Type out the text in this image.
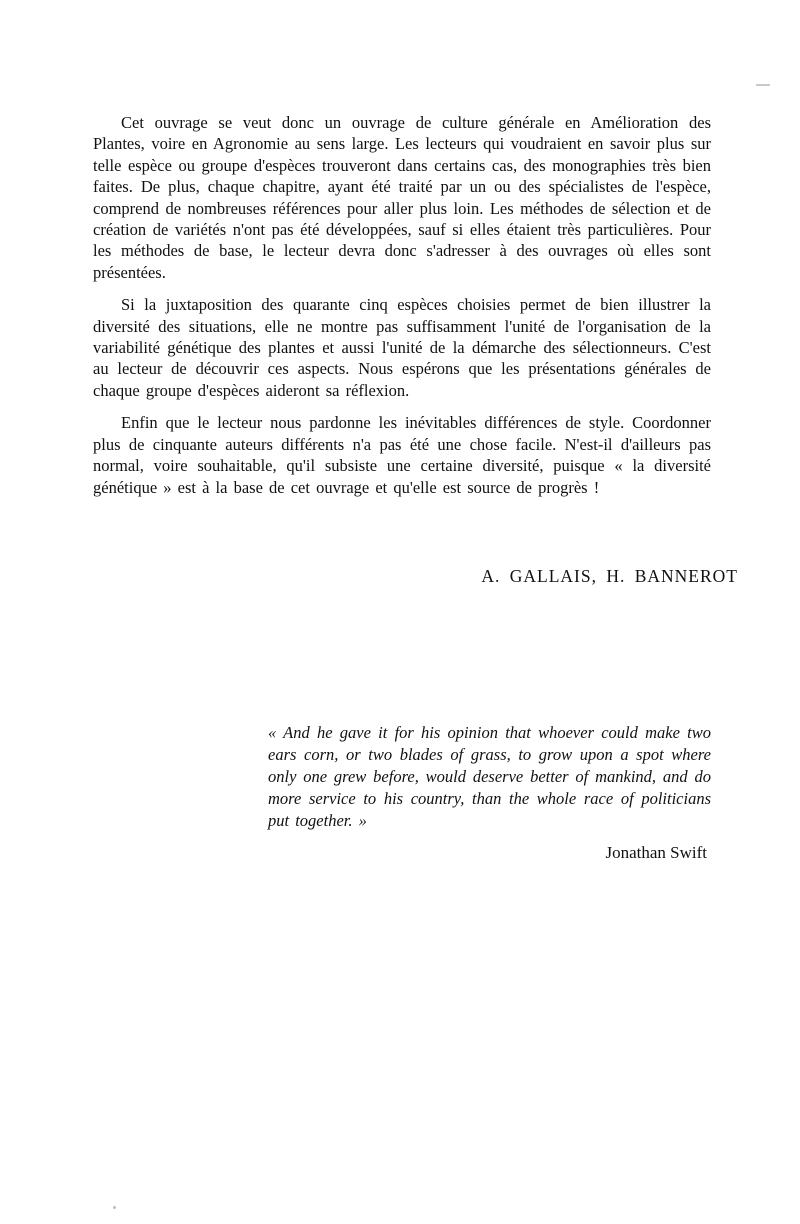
Cet ouvrage se veut donc un ouvrage de culture générale en Amélioration des Plantes, voire en Agronomie au sens large. Les lecteurs qui voudraient en savoir plus sur telle espèce ou groupe d'espèces trouveront dans certains cas, des monographies très bien faites. De plus, chaque chapitre, ayant été traité par un ou des spécialistes de l'espèce, comprend de nombreuses références pour aller plus loin. Les méthodes de sélection et de création de variétés n'ont pas été développées, sauf si elles étaient très particulières. Pour les méthodes de base, le lecteur devra donc s'adresser à des ouvrages où elles sont présentées.

Si la juxtaposition des quarante cinq espèces choisies permet de bien illustrer la diversité des situations, elle ne montre pas suffisamment l'unité de l'organisation de la variabilité génétique des plantes et aussi l'unité de la démarche des sélectionneurs. C'est au lecteur de découvrir ces aspects. Nous espérons que les présentations générales de chaque groupe d'espèces aideront sa réflexion.

Enfin que le lecteur nous pardonne les inévitables différences de style. Coordonner plus de cinquante auteurs différents n'a pas été une chose facile. N'est-il d'ailleurs pas normal, voire souhaitable, qu'il subsiste une certaine diversité, puisque « la diversité génétique » est à la base de cet ouvrage et qu'elle est source de progrès !

A. GALLAIS, H. BANNEROT

« And he gave it for his opinion that whoever could make two ears corn, or two blades of grass, to grow upon a spot where only one grew before, would deserve better of mankind, and do more service to his country, than the whole race of politicians put together. »

Jonathan Swift
